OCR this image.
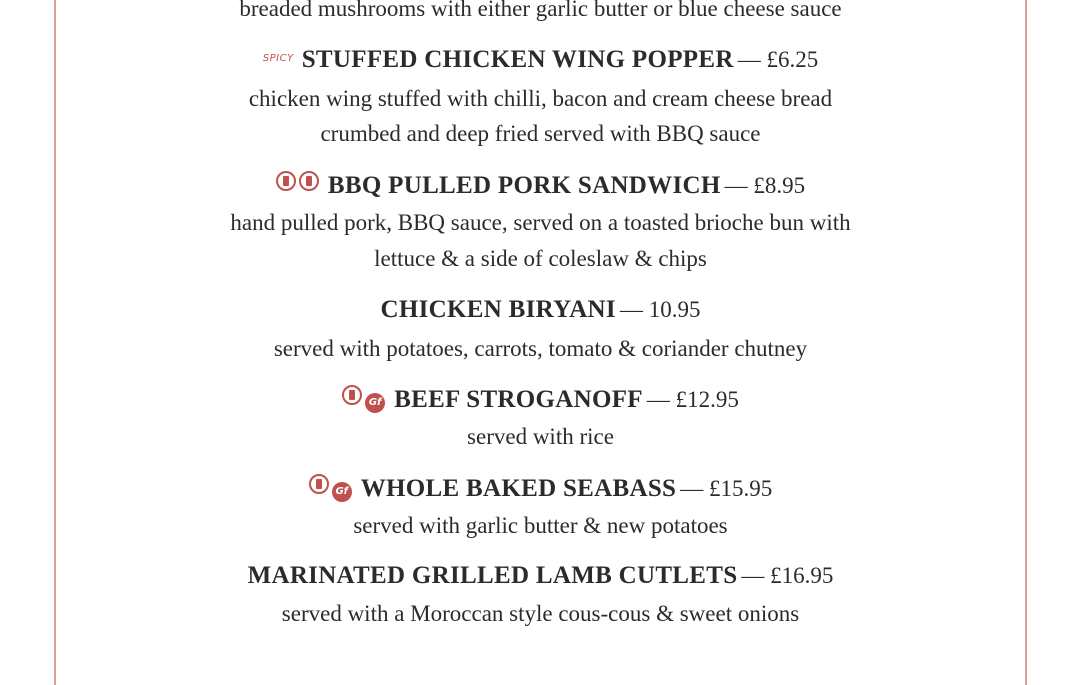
breaded mushrooms with either garlic butter or blue cheese sauce
$^{SPICY}$ STUFFED CHICKEN WING POPPER — £6.25
chicken wing stuffed with chilli, bacon and cream cheese bread
crumbed and deep fried served with BBQ sauce
BBQ PULLED PORK SANDWICH — £8.95
hand pulled pork, BBQ sauce, served on a toasted brioche bun with
lettuce & a side of coleslaw & chips
CHICKEN BIRYANI — 10.95
served with potatoes, carrots, tomato & coriander chutney
Gf BEEF STROGANOFF — £12.95
served with rice
Gf WHOLE BAKED SEABASS — £15.95
served with garlic butter & new potatoes
MARINATED GRILLED LAMB CUTLETS — £16.95
served with a Moroccan style cous-cous & sweet onions
